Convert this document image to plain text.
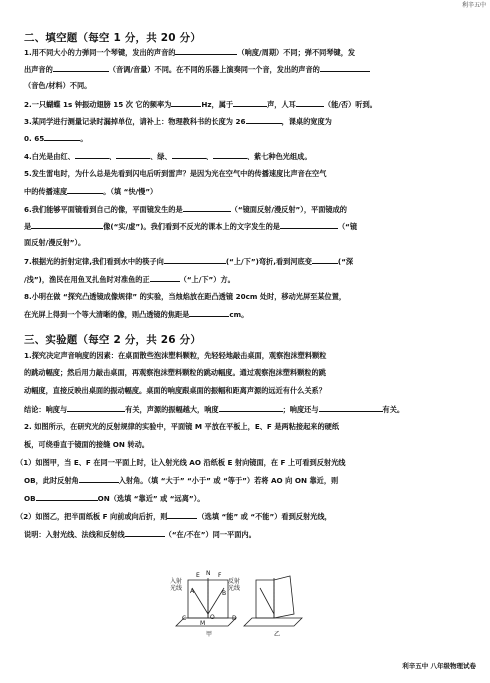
利辛五中
二、填空题（每空 1 分，共 20 分）
1.用不同大小的力弹同一个琴键，发出的声音的	（响度/周期）不同；弹不同琴键，发
出声音的	（音调/音量）不同。在不同的乐器上演奏同一个音，发出的声音的
（音色/材料）不同。
2.一只蝴蝶 1s 钟振动翅膀 15 次 它的频率为	Hz，属于	声，人耳	（能/否）听到。
3.某同学进行测量记录时漏掉单位，请补上：物理教科书的长度为 26	，课桌的宽度为
0. 65	。
4.白光是由红、	、	、绿、	、	、紫七种色光组成。
5.发生雷电时，为什么总是先看到闪电后听到雷声？是因为光在空气中的传播速度比声音在空气
中的传播速度	。（填 “快/慢”）
6.我们能够平面镜看到自己的像，平面镜发生的是	（“镜面反射/漫反射”），平面镜成的
是	像(“实/虚”)。我们看到不反光的课本上的文字发生的是	（“镜
面反射/漫反射”）。
7.根据光的折射定律,我们看到水中的筷子向	(“上/下”)弯折,看到河底变	(“深
/浅”)，渔民在用鱼叉扎鱼时对准鱼的正	（“上/下”）方。
8.小明在做 “探究凸透镜成像规律” 的实验，当烛焰放在距凸透镜 20cm 处时，移动光屏至某位置，
在光屏上得到一个等大清晰的像，则凸透镜的焦距是	cm。
三、实验题（每空 2 分，共 26 分）
1.探究决定声音响度的因素：在桌面散些泡沫塑料颗粒，先轻轻地敲击桌面，观察泡沫塑料颗粒
的跳动幅度；然后用力敲击桌面，再观察泡沫塑料颗粒的跳动幅度。通过观察泡沫塑料颗粒的跳
动幅度，直接反映出桌面的振动幅度。桌面的响度跟桌面的振幅和距离声源的远近有什么关系？
结论：响度与	有关，声源的振幅越大，响度	；响度还与	有关。
2. 如图所示，在研究光的反射规律的实验中，平面镜 M 平放在平板上，E、F 是两粘接起来的硬纸
板，可绕垂直于镜面的接缝 ON 转动。
（1）如图甲，当 E、F 在同一平面上时，让入射光线 AO 沿纸板 E 射向镜面，在 F 上可看到反射光线
OB，此时反射角	入射角。（填 “大于” “小于” 或 “等于”）若将 AO 向 ON 靠近，则
OB	ON（选填 “靠近” 或 “远离”）。
（2）如图乙，把半面纸板 F 向前或向后折，则	（选填 “能” 或 “不能”）看到反射光线，
说明：入射光线、法线和反射线	（“在/不在”）同一平面内。
入射光线
反射光线
E N F
A	B
O
C	D
M
甲	乙
利辛五中 八年级物理试卷
